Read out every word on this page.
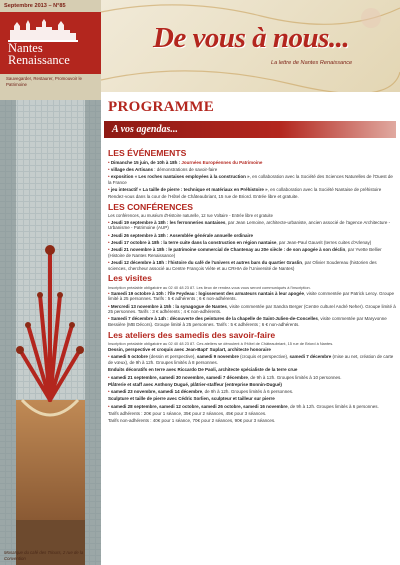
Septembre 2013 – N°85
Nantes
Renaissance
Sauvegarder, Restaurer, Promouvoir le Patrimoine
Mosaïque du café des Trinurs, 2 rue de la Convention
De vous à nous...
La lettre de Nantes Renaissance
PROGRAMME
A vos agendas...
LES ÉVÉNEMENTS
• Dimanche 15 juin, de 10h à 18h : Journées Européennes du Patrimoine
• village des Artisans : démonstrations de savoir-faire
• exposition « Les roches nantaises employées à la construction », en collaboration avec la Société des Sciences Naturelles de l'Ouest de la France
• jeu interactif « La taille de pierre : technique et matériaux en Préhistoire », en collaboration avec la Société Nantaise de préhistoire
Rendez-vous dans la cour de l'Hôtel de Châteaubriant, 15 rue de Briord. Entrée libre et gratuite.
LES CONFÉRENCES
Les conférences, au muséum d'Histoire naturelle, 12 rue Voltaire - Entrée libre et gratuite
• Jeudi 19 septembre à 18h : les ferronneries nantaises, par Jean Lemoine, architecte-urbaniste, ancien associé de l'agence Architecture - Urbanisme - Patrimoine (AUP)
• Jeudi 26 septembre à 18h : Assemblée générale annuelle ordinaire
• Jeudi 17 octobre à 18h : la terre cuite dans la construction en région nantaise, par Jean-Paul Gauvrit (terres cuites d'Arlenay)
• Jeudi 21 novembre à 18h : le patrimoine commercial de Chantenay au 20e siècle : de son apogée à son déclin, par Yvette Bellier (Histoire de Nantes Renaissance)
• Jeudi 12 décembre à 18h : l'histoire du café de l'univers et autres bars du quartier Graslin, par Olivier Soudereau (historien des sciences, chercheur associé au Centre François Viète et au CRHIA de l'Université de Nantes)
Les visites
Inscription préalable obligatoire au 02 40 48 23 87. Les lieux de rendez-vous vous seront communiqués à l'inscription.
• Samedi 19 octobre à 10h : l'île Feydeau : logissement des armateurs nantais à leur apogée, visite commentée par Patrick Leroy. Groupe limité à 25 personnes. Tarifs : 5 € adhérents ; 6 € non-adhérents.
• Mercredi 13 novembre à 15h : la synagogue de Nantes, visite commentée par Sandra Berger (Centre culturel André Neher). Groupe limité à 25 personnes. Tarifs : 3 € adhérents ; 4 € non-adhérents.
• Samedi 7 décembre à 14h : découverte des peintures de la chapelle de Saint-Julien-de-Concelles, visite commentée par Maryvonne Bessière (MB Décors). Groupe limité à 25 personnes. Tarifs : 5 € adhérents ; 6 € non-adhérents.
Les ateliers des samedis des savoir-faire
Inscription préalable obligatoire au 02 40 48 23 87. Ces ateliers se déroulent à l'Hôtel de Châteaubriant, 15 rue de Briord à Nantes.
Dessin, perspective et croquis avec Jean-Bapt' Suplart, architecte honoraire
• samedi 5 octobre (dessin et perspective), samedi 9 novembre (croquis et perspective), samedi 7 décembre (mise au net, création de carte de vœux), de 9h à 12h. Groupes limités à 8 personnes.
Enduits décoratifs en terre avec Riccardo De Paoli, architecte spécialiste de la terre crue
• samedi 21 septembre, samedi 30 novembre, samedi 7 décembre, de 9h à 12h. Groupes limités à 10 personnes.
Plâtrerie et staff avec Anthony Dugué, plâtrier-staffeur (entreprise Bonnin-Dugué)
• samedi 23 novembre, samedi 14 décembre, de 9h à 12h. Groupes limités à 6 personnes.
Sculpture et taille de pierre avec Cédric Sorlien, sculpteur et tailleur sur pierre
• samedi 28 septembre, samedi 12 octobre, samedi 26 octobre, samedi 16 novembre, de 9h à 12h. Groupes limités à 6 personnes.
Tarifs adhérents : 20€ pour 1 séance, 35€ pour 2 séances, 45€ pour 3 séances.
Tarifs non-adhérents : 40€ pour 1 séance, 70€ pour 2 séances, 90€ pour 3 séances.
